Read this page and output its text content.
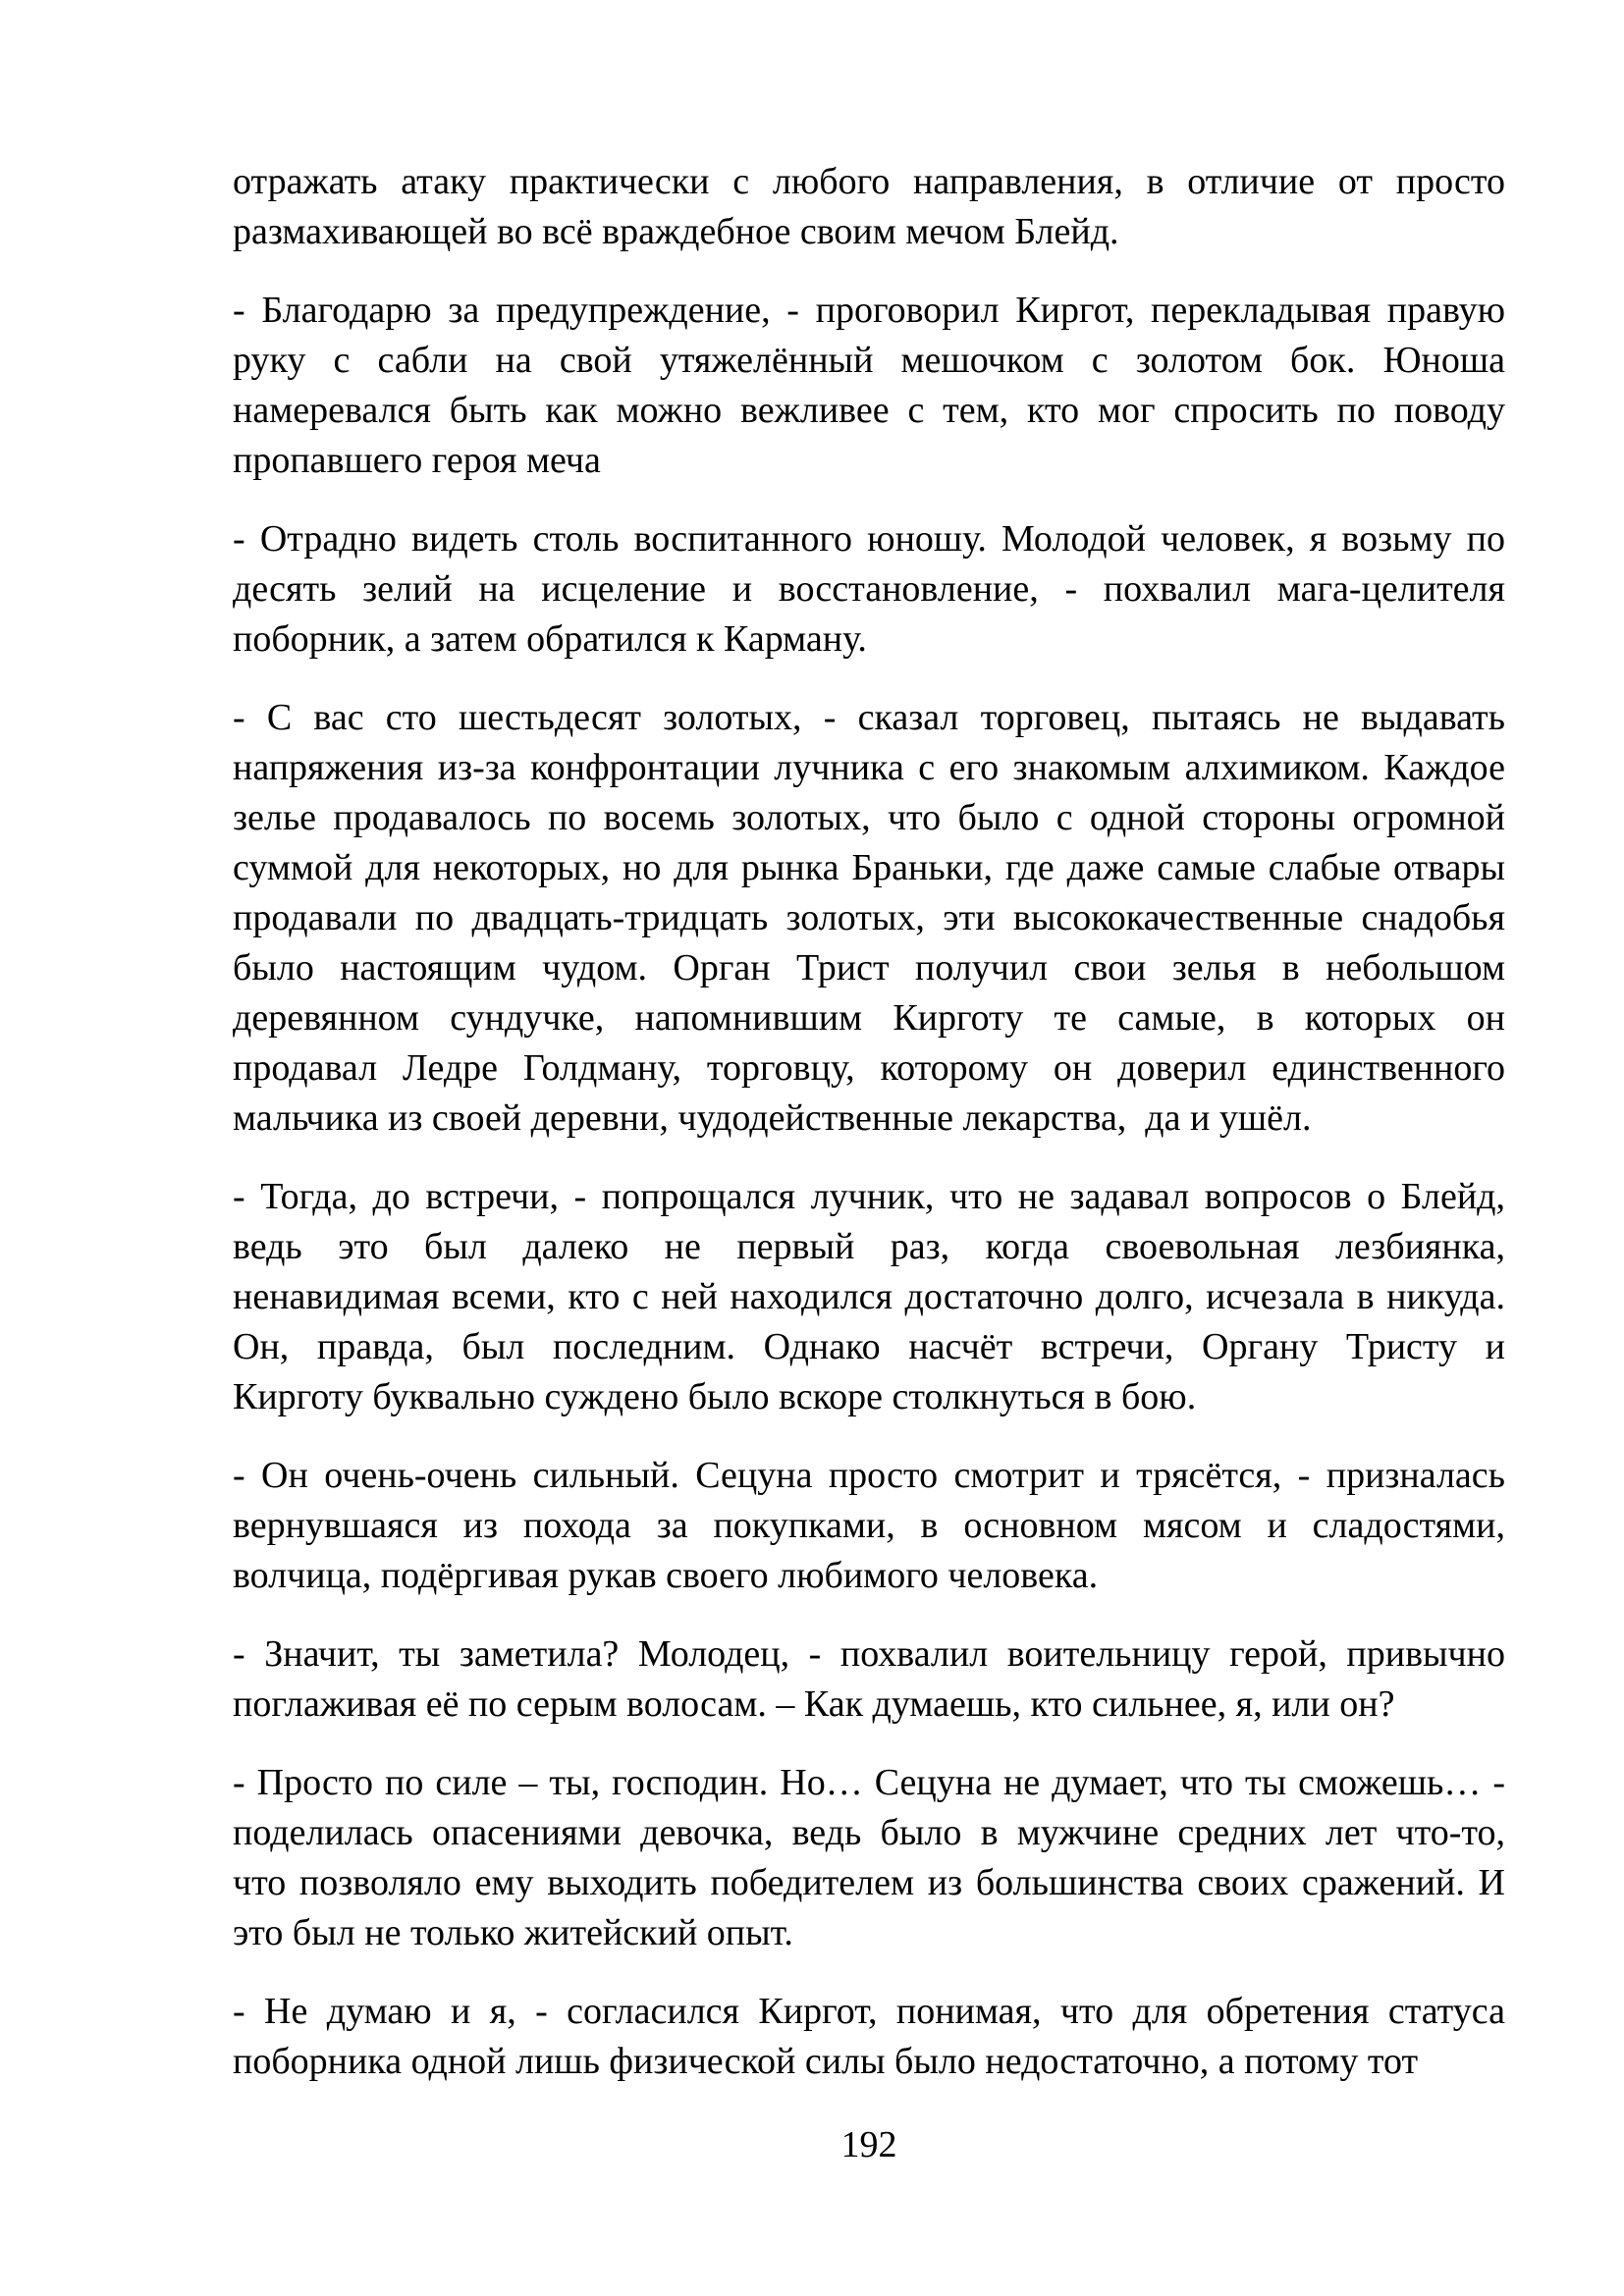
отражать атаку практически с любого направления, в отличие от просто
размахивающей во всё враждебное своим мечом Блейд.
- Благодарю за предупреждение, - проговорил Киргот, перекладывая правую
руку с сабли на свой утяжелённый мешочком с золотом бок. Юноша
намеревался быть как можно вежливее с тем, кто мог спросить по поводу
пропавшего героя меча
- Отрадно видеть столь воспитанного юношу. Молодой человек, я возьму по
десять зелий на исцеление и восстановление, - похвалил мага-целителя
поборник, а затем обратился к Карману.
- С вас сто шестьдесят золотых, - сказал торговец, пытаясь не выдавать
напряжения из-за конфронтации лучника с его знакомым алхимиком. Каждое
зелье продавалось по восемь золотых, что было с одной стороны огромной
суммой для некоторых, но для рынка Браньки, где даже самые слабые отвары
продавали по двадцать-тридцать золотых, эти высококачественные снадобья
было настоящим чудом. Орган Трист получил свои зелья в небольшом
деревянном сундучке, напомнившим Кирготу те самые, в которых он
продавал Ледре Голдману, торговцу, которому он доверил единственного
мальчика из своей деревни, чудодейственные лекарства,  да и ушёл.
- Тогда, до встречи, - попрощался лучник, что не задавал вопросов о Блейд,
ведь это был далеко не первый раз, когда своевольная лезбиянка,
ненавидимая всеми, кто с ней находился достаточно долго, исчезала в никуда.
Он, правда, был последним. Однако насчёт встречи, Органу Тристу и
Кирготу буквально суждено было вскоре столкнуться в бою.
- Он очень-очень сильный. Сецуна просто смотрит и трясётся, - призналась
вернувшаяся из похода за покупками, в основном мясом и сладостями,
волчица, подёргивая рукав своего любимого человека.
- Значит, ты заметила? Молодец, - похвалил воительницу герой, привычно
поглаживая её по серым волосам. – Как думаешь, кто сильнее, я, или он?
- Просто по силе – ты, господин. Но… Сецуна не думает, что ты сможешь… -
поделилась опасениями девочка, ведь было в мужчине средних лет что-то,
что позволяло ему выходить победителем из большинства своих сражений. И
это был не только житейский опыт.
- Не думаю и я, - согласился Киргот, понимая, что для обретения статуса
поборника одной лишь физической силы было недостаточно, а потому тот
192
